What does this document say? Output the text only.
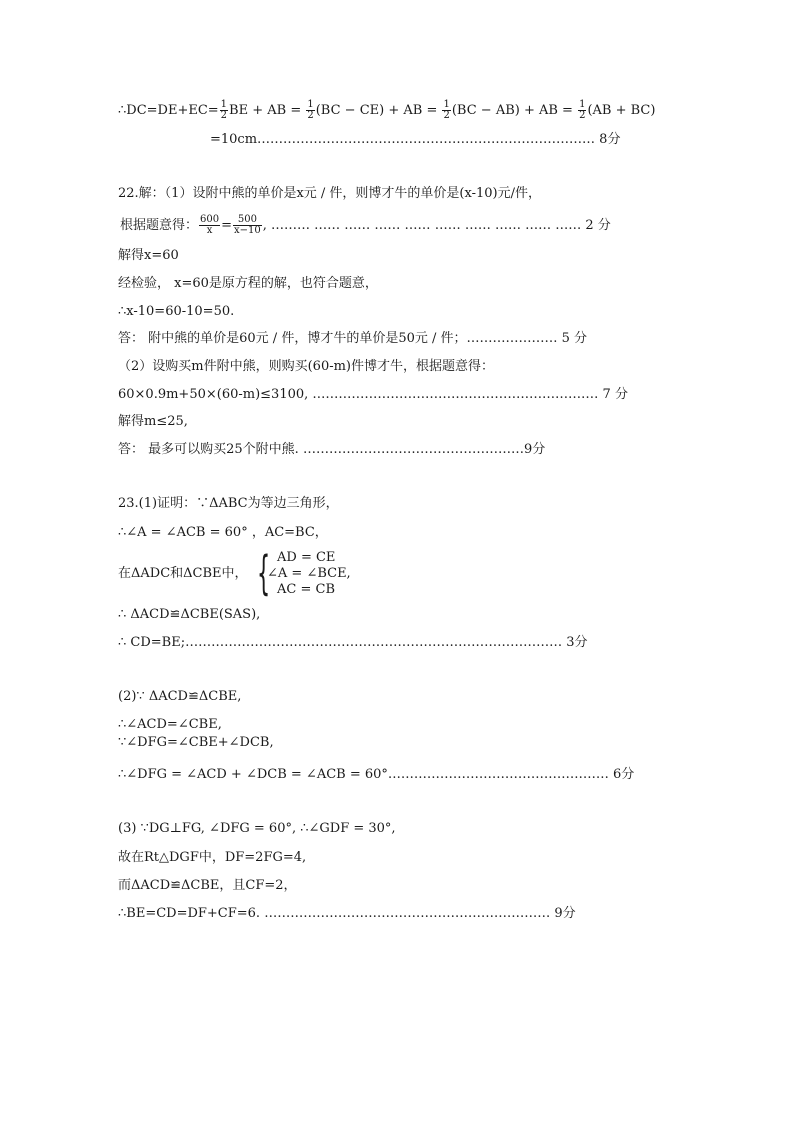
∴DC=DE+EC= $\frac{1}{2}$ BE + AB = $\frac{1}{2} (BC - CE)$ + AB = $\frac{1}{2} (BC - AB)$ + AB = $\frac{1}{2} (AB + BC)$
=10cm…………………………………………………………………… 8分
22.解：（1）设附中熊的单价是x元 / 件，则博才牛的单价是(x-10)元/件，
根据题意得： $\frac{600}{x} = \frac{500}{x-10}$ , ……… …… …… …… …… …… …… …… …… …… 2 分
解得x=60
经检验， x=60是原方程的解，也符合题意，
∴x-10=60-10=50.
答： 附中熊的单价是60元 / 件，博才牛的单价是50元 / 件；………………… 5 分
（2）设购买m件附中熊，则购买(60-m)件博才牛，根据题意得：
60×0.9m+50×(60-m)≤3100, ………………………………………………………… 7 分
解得m≤25,
答： 最多可以购买25个附中熊. ……………………………………………9分
23.(1)证明：∵ΔABC为等边三角形，
∴∠A = ∠ACB = 60° ，AC=BC，
在ΔADC和ΔCBE中， { AD = CE
∠A = ∠BCE,
AC = CB
∴ ΔACD≌ΔCBE(SAS),
∴ CD=BE;…………………………………………………………………………… 3分
(2)∵ ΔACD≌ΔCBE,
∴∠ACD=∠CBE,
∵∠DFG=∠CBE+∠DCB,
∴∠DFG = ∠ACD + ∠DCB = ∠ACB = 60°…………………………………………… 6分
(3) ∵DG⊥FG, ∠DFG = 60°, ∴∠GDF = 30°,
故在Rt△DGF中，DF=2FG=4,
而ΔACD≌ΔCBE，且CF=2，
∴BE=CD=DF+CF=6. ………………………………………………………… 9分
